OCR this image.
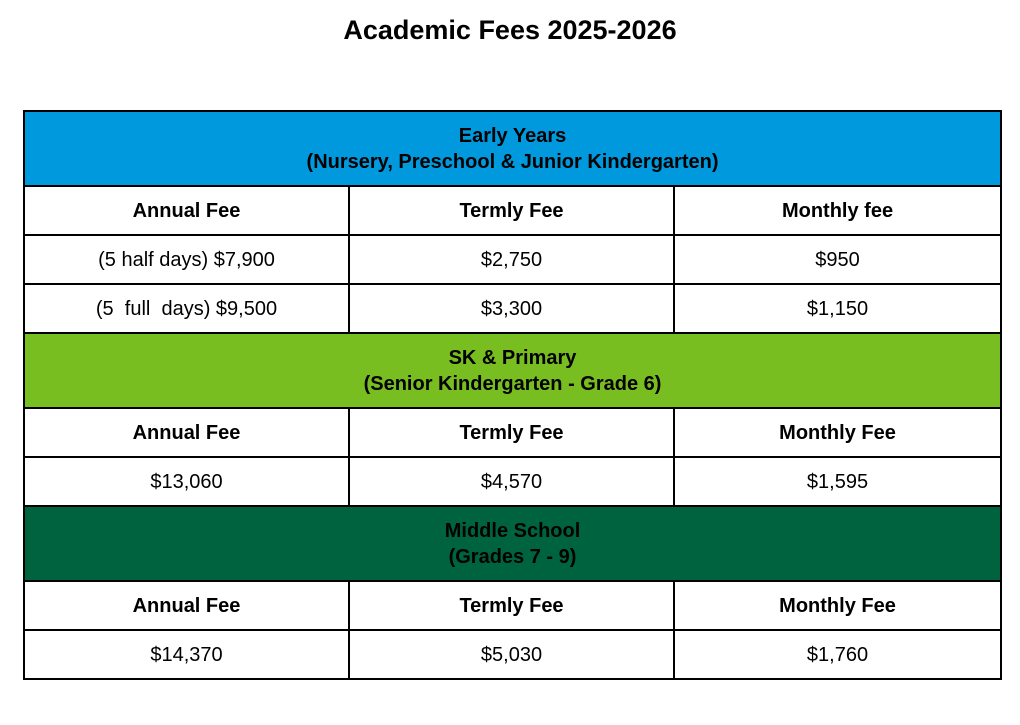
Academic Fees 2025-2026
Early Years
(Nursery, Preschool & Junior Kindergarten)		

Annual Fee	Termly Fee	Monthly fee
(5 half days) $7,900	$2,750	$950
(5  full  days) $9,500	$3,300	$1,150

SK & Primary
(Senior Kindergarten - Grade 6)		

Annual Fee	Termly Fee	Monthly Fee
$13,060	$4,570	$1,595

Middle School
(Grades 7 - 9)		

Annual Fee	Termly Fee	Monthly Fee
$14,370	$5,030	$1,760
